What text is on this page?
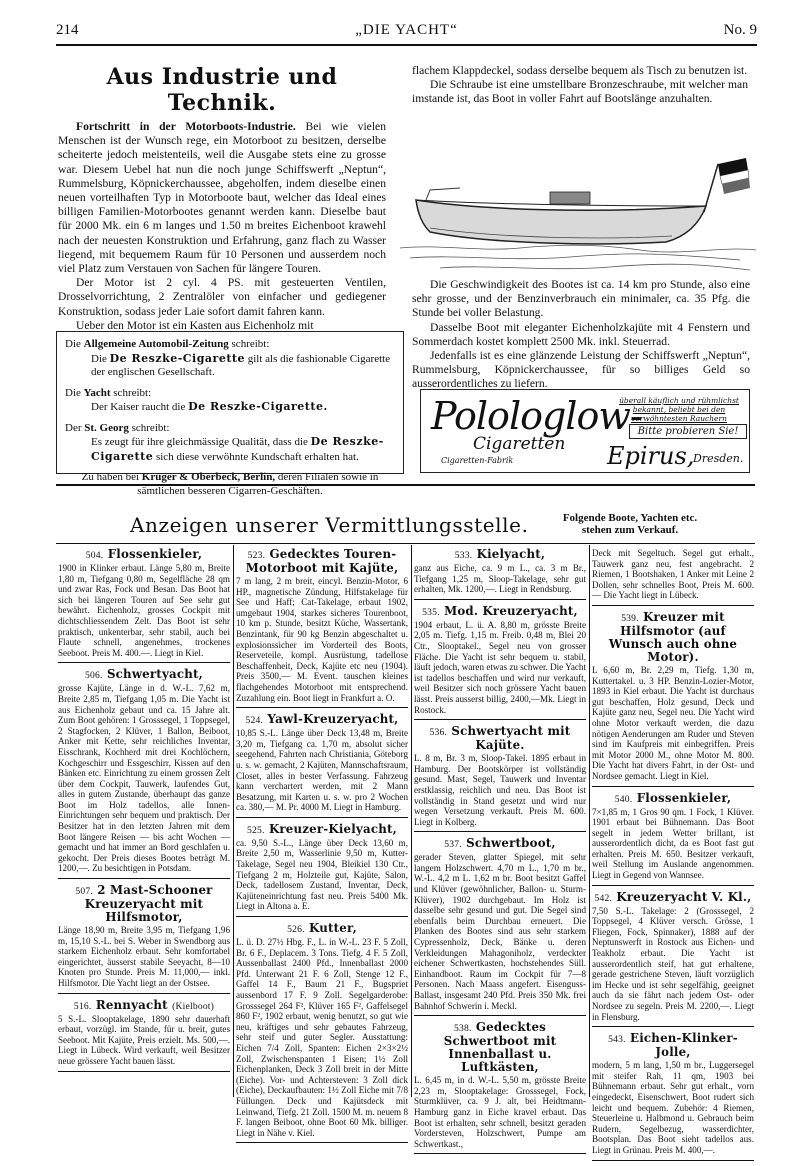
214	„DIE YACHT“	No. 9
Aus Industrie und Technik.

Fortschritt in der Motorboots-Industrie. Bei wie vielen Menschen ist der Wunsch rege, ein Motorboot zu besitzen, derselbe scheiterte jedoch meistenteils, weil die Ausgabe stets eine zu grosse war. Diesem Uebel hat nun die noch junge Schiffswerft „Neptun“, Rummelsburg, Köpnickerchaussee, abgeholfen, indem dieselbe einen neuen vorteilhaften Typ in Motorboote baut, welcher das Ideal eines billigen Familien-Motorbootes genannt werden kann. Dieselbe baut für 2000 Mk. ein 6 m langes und 1.50 m breites Eichenboot krawehl nach der neuesten Konstruktion und Erfahrung, ganz flach zu Wasser liegend, mit bequemem Raum für 10 Personen und ausserdem noch viel Platz zum Verstauen von Sachen für längere Touren.

Der Motor ist 2 cyl. 4 PS. mit gesteuerten Ventilen, Drosselvorrichtung, 2 Zentralöler von einfacher und gediegener Konstruktion, sodass jeder Laie sofort damit fahren kann.

Ueber den Motor ist ein Kasten aus Eichenholz mit

flachem Klappdeckel, sodass derselbe bequem als Tisch zu benutzen ist.

Die Schraube ist eine umstellbare Bronzeschraube, mit welcher man imstande ist, das Boot in voller Fahrt auf Bootslänge anzuhalten.

Die Geschwindigkeit des Bootes ist ca. 14 km pro Stunde, also eine sehr grosse, und der Benzinverbrauch ein minimaler, ca. 35 Pfg. die Stunde bei voller Belastung.

Dasselbe Boot mit eleganter Eichenholzkajüte mit 4 Fenstern und Sommerdach kostet komplett 2500 Mk. inkl. Steuerrad.

Jedenfalls ist es eine glänzende Leistung der Schiffswerft „Neptun“, Rummelsburg, Köpnickerchaussee, für so billiges Geld so ausserordentliches zu liefern.

Die Allgemeine Automobil-Zeitung schreibt:
Die De Reszke-Cigarette gilt als die fashionable Cigarette der englischen Gesellschaft.
Die Yacht schreibt:
Der Kaiser raucht die De Reszke-Cigarette.
Der St. Georg schreibt:
Es zeugt für ihre gleichmässige Qualität, dass die De Reszke-Cigarette sich diese verwöhnte Kundschaft erhalten hat.
Zu haben bei Krüger & Oberbeck, Berlin, deren Filialen sowie in sämtlichen besseren Cigarren-Geschäften.
Polologlow-
Cigaretten
Cigaretten-Fabrik
überall käuflich und rühmlichst bekannt, beliebt bei den verwöhntesten Rauchern
Bitte probieren Sie!
Epirus,
Dresden.
Anzeigen unserer Vermittlungsstelle.	Folgende Boote, Yachten etc. stehen zum Verkauf.
504. Flossenkieler,
1900 in Klinker erbaut. Länge 5,80 m, Breite 1,80 m, Tiefgang 0,80 m, Segelfläche 28 qm und zwar Ras, Fock und Besan. Das Boot hat sich bei längeren Touren auf See sehr gut bewährt. Eichenholz, grosses Cockpit mit dichtschliessendem Zelt. Das Boot ist sehr praktisch, unkenterbar, sehr stabil, auch bei Flaute schnell, angenehmes, trockenes Seeboot. Preis M. 400.—. Liegt in Kiel.
506. Schwertyacht,
grosse Kajüte, Länge in d. W.-L. 7,62 m, Breite 2,85 m, Tiefgang 1,05 m. Die Yacht ist aus Eichenholz gebaut und ca. 15 Jahre alt. Zum Boot gehören: 1 Grosssegel, 1 Toppsegel, 2 Stagfocken, 2 Klüver, 1 Ballon, Beiboot, Anker mit Kette, sehr reichliches Inventar, Eisschrank, Kochherd mit drei Kochlöchern, Kochgeschirr und Essgeschirr, Kissen auf den Bänken etc. Einrichtung zu einem grossen Zelt über dem Cockpit, Tauwerk, laufendes Gut, alles in gutem Zustande, überhaupt das ganze Boot im Holz tadellos, alle Innen-Einrichtungen sehr bequem und praktisch. Der Besitzer hat in den letzten Jahren mit dem Boot längere Reisen — bis acht Wochen — gemacht und hat immer an Bord geschlafen u. gekocht. Der Preis dieses Bootes beträgt M. 1200,—. Zu besichtigen in Potsdam.
507. 2 Mast-Schooner Kreuzeryacht mit Hilfsmotor,
Länge 18,90 m, Breite 3,95 m, Tiefgang 1,96 m, 15,10 S.-L. bei S. Weber in Swendborg aus starkem Eichenholz erbaut. Sehr komfortabel eingerichtet, äusserst stabile Seeyacht, 8—10 Knoten pro Stunde. Preis M. 11,000,— inkl. Hilfsmotor. Die Yacht liegt an der Ostsee.
516. Rennyacht (Kielboot)
5 S.-L. Slooptakelage, 1890 sehr dauerhaft erbaut, vorzügl. im Stande, für u. breit, gutes Seeboot. Mit Kajüte, Preis erzielt. Ms. 500,—. Liegt in Lübeck. Wird verkauft, weil Besitzer neue grössere Yacht bauen lässt.
523. Gedecktes Touren-Motorboot mit Kajüte,
7 m lang, 2 m breit, eincyl. Benzin-Motor, 6 HP., magnetische Zündung, Hilfstakelage für See und Haff; Cat-Takelage, erbaut 1902, umgebaut 1904, starkes sicheres Tourenboot, 10 km p. Stunde, besitzt Küche, Wassertank, Benzintank, für 90 kg Benzin abgeschaltet u. explosionssicher im Vorderteil des Boots, Reserveteile, kompl. Ausrüstung, tadellose Beschaffenheit, Deck, Kajüte etc neu (1904). Preis 3500,— M. Event. tauschen kleines flachgehendes Motorboot mit entsprechend. Zuzahlung ein. Boot liegt in Frankfurt a. O.
524. Yawl-Kreuzeryacht,
10,85 S.-L. Länge über Deck 13,48 m, Breite 3,20 m, Tiefgang ca. 1,70 m, absolut sicher seegehend, Fahrten nach Christiania, Göteborg u. s. w. gemacht, 2 Kajüten, Mannschaftsraum, Closet, alles in bester Verfassung. Fahrzeug kann verchartert werden, mit 2 Mann Besatzung, mit Karten u. s. w. pro 2 Wochen ca. 380,— M. Pr. 4000 M. Liegt in Hamburg.
525. Kreuzer-Kielyacht,
ca. 9,50 S.-L., Länge über Deck 13,60 m, Breite 2,50 m, Wasserlinie 9,50 m, Kutter-Takelage, Segel neu 1904, Bleikiel 130 Ctr., Tiefgang 2 m, Holzteile gut, Kajüte, Salon, Deck, tadellosem Zustand, Inventar, Deck, Kajüteneinrichtung fast neu. Preis 5400 Mk. Liegt in Altona a. E.
526. Kutter,
L. ü. D. 27½ Hbg. F., L. in W.-L. 23 F. 5 Zoll, Br. 6 F., Deplacem. 3 Tons. Tiefg. 4 F. 5 Zoll, Aussenballast 2400 Pfd., Innenballast 2000 Pfd. Unterwant 21 F. 6 Zoll, Stenge 12 F., Gaffel 14 F., Baum 21 F., Bugspriet aussenbord 17 F. 9 Zoll. Segelgarderobe: Grosssegel 264 F², Klüver 165 F², Gaffelsegel 860 F², 1902 erbaut, wenig benutzt, so gut wie neu, kräftiges und sehr gebautes Fahrzeug, sehr steif und guter Segler. Ausstattung: Eichen 7/4 Zoll, Spanten: Eichen 2×3×2½ Zoll, Zwischenspanten 1 Eisen; 1½ Zoll Eichenplanken, Deck 3 Zoll breit in der Mitte (Eiche). Vor- und Achtersteven: 3 Zoll dick (Eiche), Deckaufbauten: 1½ Zoll Eiche mit 7/8 Füllungen. Deck und Kajütsdeck mit Leinwand, Tiefg. 21 Zoll. 1500 M. m. neuem 8 F. langen Beiboot, ohne Boot 60 Mk. billiger. Liegt in Nähe v. Kiel.
533. Kielyacht,
ganz aus Eiche, ca. 9 m L., ca. 3 m Br., Tiefgang 1,25 m, Sloop-Takelage, sehr gut erhalten, Mk. 1200,—. Liegt in Rendsburg.
535. Mod. Kreuzeryacht,
1904 erbaut, L. ü. A. 8,80 m, grösste Breite 2,05 m. Tiefg. 1,15 m. Freib. 0,48 m, Blei 20 Ctr., Slooptakel., Segel neu von grosser Fläche. Die Yacht ist sehr bequem u. stabil, läuft jedoch, waren etwas zu schwer. Die Yacht ist tadellos beschaffen und wird nur verkauft, weil Besitzer sich noch grössere Yacht bauen lässt. Preis ausserst billig, 2400,—Mk. Liegt in Rostock.
536. Schwertyacht mit Kajüte.
L. 8 m, Br. 3 m, Sloop-Takel. 1895 erbaut in Hamburg. Der Bootskörper ist vollständig gesund. Mast, Segel, Tauwerk und Inventar erstklassig, reichlich und neu. Das Boot ist vollständig in Stand gesetzt und wird nur wegen Versetzung verkauft. Preis M. 600. Liegt in Kolberg.
537. Schwertboot,
gerader Steven, glatter Spiegel, mit sehr langem Holzschwert. 4,70 m L., 1,70 m br., W.-L. 4,2 m L. 1,62 m br. Boot besitzt Gaffel und Klüver (gewöhnlicher, Ballon- u. Sturm-Klüver), 1902 durchgebaut. Im Holz ist dasselbe sehr gesund und gut. Die Segel sind ebenfalls beim Durchbau erneuert. Die Planken des Bootes sind aus sehr starkem Cypressenholz, Deck, Bänke u. deren Verkleidungen Mahagoniholz, verdeckter eichener Schwertkasten, hochstehendes Süll. Einhandboot. Raum im Cockpit für 7—8 Personen. Nach Maass angefert. Eisenguss-Ballast, insgesamt 240 Pfd. Preis 350 Mk. frei Bahnhof Schwerin i. Meckl.
538. Gedecktes Schwertboot mit Innenballast u. Luftkästen,
L. 6,45 m, in d. W.-L. 5,50 m, grösste Breite 2,23 m, Slooptakelage: Grosssegel, Fock, Sturmklüver, ca. 9 J. alt, bei Heidtmann-Hamburg ganz in Eiche kravel erbaut. Das Boot ist erhalten, sehr schnell, besitzt geraden Vordersteven, Holzschwert, Pumpe am Schwertkast.,
Deck mit Segeltuch. Segel gut erhalt., Tauwerk ganz neu, fest angebracht. 2 Riemen, 1 Bootshaken, 1 Anker mit Leine 2 Dollen, sehr schnelles Boot, Preis M. 600. — Die Yacht liegt in Lübeck.
539. Kreuzer mit Hilfsmotor (auf Wunsch auch ohne Motor).
L 6,60 m, Br. 2,29 m, Tiefg. 1,30 m, Kuttertakel. u. 3 HP. Benzin-Lozier-Motor, 1893 in Kiel erbaut. Die Yacht ist durchaus gut beschaffen, Holz gesund, Deck und Kajüte ganz neu, Segel neu. Die Yacht wird ohne Motor verkauft werden, die dazu nötigen Aenderungen am Ruder und Steven sind im Kaufpreis mit einbegriffen. Preis mit Motor 2000 M., ohne Motor M. 800. Die Yacht hat divers Fahrt, in der Ost- und Nordsee gemacht. Liegt in Kiel.
540. Flossenkieler,
7×1,85 m, 1 Gros 90 qm. 1 Fock, 1 Klüver. 1901 erbaut bei Bühnemann. Das Boot segelt in jedem Wetter brillant, ist ausserordentlich dicht, da es Boot fast gut erhalten. Preis M. 650. Besitzer verkauft, weil Stellung im Auslande angenommen. Liegt in Gegend von Wannsee.
542. Kreuzeryacht V. Kl.,
7,50 S.-L. Takelage: 2 (Grosssegel, 2 Toppsegel, 4 Klüver versch. Grösse, 1 Fliegen, Fock, Spinnaker), 1888 auf der Neptunswerft in Rostock aus Eichen- und Teakholz erbaut. Die Yacht ist ausserordentlich steif, hat gut erhaltene, gerade gestrichene Steven, läuft vorzüglich im Hecke und ist sehr segelfähig, geeignet auch da sie fährt nach jedem Ost- oder Nordsee zu segeln. Preis M. 2200,—. Liegt in Flensburg.
543. Eichen-Klinker-Jolle,
modern, 5 m lang, 1,50 m br., Luggersegel mit steifer Rah, 11 qm, 1903 bei Bühnemann erbaut. Sehr gut erhalt., vorn eingedeckt, Eisenschwert, Boot rudert sich leicht und bequem. Zubehör: 4 Riemen, Steuerleine u. Halbmond u. Gebrauch beim Rudern, Segelbezug, wasserdichter, Bootsplan. Das Boot sieht tadellos aus. Liegt in Grünau. Preis M. 400,—.
